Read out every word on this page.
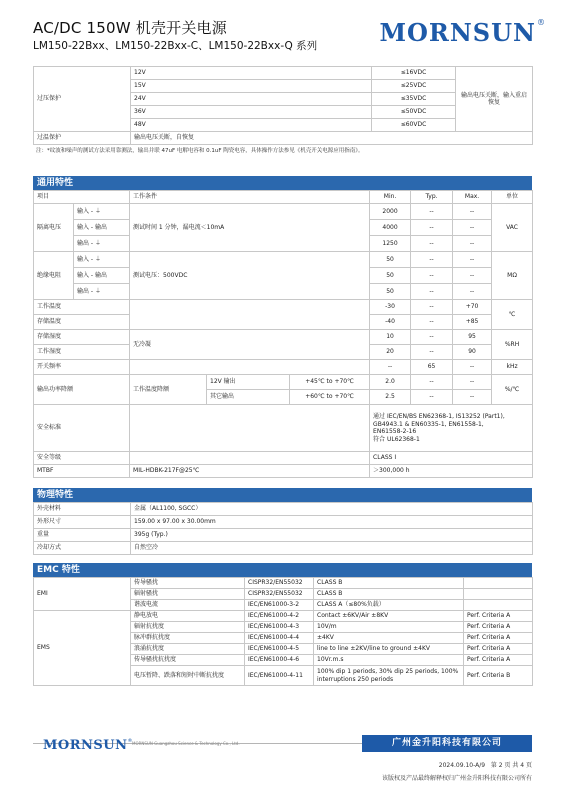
AC/DC 150W 机壳开关电源
LM150-22Bxx、LM150-22Bxx-C、LM150-22Bxx-Q 系列	MORNSUN®
过压保护	12V	≤16VDC	输出电压关断，输入重启恢复
	15V	≤25VDC	
	24V	≤35VDC	
	36V	≤50VDC	
	48V	≤60VDC	
过温保护	输出电压关断，自恢复		
注：*纹波和噪声的测试方法采用靠测法，输出并联 47uF 电解电容和 0.1uF 陶瓷电容，具体操作方法参见《机壳开关电源应用指南》。
通用特性
项目		工作条件			Min.	Typ.	Max.	单位
隔离电压	输入 - ⏚	测试时间 1 分钟，漏电流＜10mA			2000	--	--	VAC
	输入 - 输出				4000	--	--	
	输出 - ⏚				1250	--	--	
绝缘电阻	输入 - ⏚	测试电压：500VDC			50	--	--	MΩ
	输入 - 输出				50	--	--	
	输出 - ⏚				50	--	--	
工作温度					-30	--	+70	℃
存储温度					-40	--	+85	
存储湿度		无冷凝			10	--	95	%RH
工作湿度					20	--	90	
开关频率					--	65	--	kHz
输出功率降额		工作温度降额	12V 输出	+45℃ to +70℃	2.0	--	--	%/℃
			其它输出	+60℃ to +70℃	2.5	--	--	
安全标准					通过 IEC/EN/BS EN62368-1, IS13252 (Part1),
GB4943.1 & EN60335-1, EN61558-1,
EN61558-2-16
符合 UL62368-1			

安全等级					CLASS I			
MTBF		MIL-HDBK-217F@25℃			＞300,000 h			
物理特性
外壳材料	金属（AL1100, SGCC）
外形尺寸	159.00 x 97.00 x 30.00mm
重量	395g (Typ.)
冷却方式	自然空冷
EMC 特性
EMI	传导骚扰	CISPR32/EN55032	CLASS B	
	辐射骚扰	CISPR32/EN55032	CLASS B	
	谐波电流	IEC/EN61000-3-2	CLASS A（≤80%负载）	
EMS	静电放电	IEC/EN61000-4-2	Contact ±6KV/Air ±8KV	Perf. Criteria A
	辐射抗扰度	IEC/EN61000-4-3	10V/m	Perf. Criteria A
	脉冲群抗扰度	IEC/EN61000-4-4	±4KV	Perf. Criteria A
	浪涌抗扰度	IEC/EN61000-4-5	line to line ±2KV/line to ground ±4KV	Perf. Criteria A
	传导骚扰抗扰度	IEC/EN61000-4-6	10Vr.m.s	Perf. Criteria A
	电压暂降、跌落和短时中断抗扰度	IEC/EN61000-4-11	100% dip 1 periods, 30% dip 25 periods, 100% interruptions 250 periods	Perf. Criteria B
MORNSUN®
MORNSUN Guangzhou Science & Technology Co., Ltd.	广州金升阳科技有限公司
2024.09.10-A/9 第 2 页 共 4 页
该版权及产品最终解释权归广州金升阳科技有限公司所有
